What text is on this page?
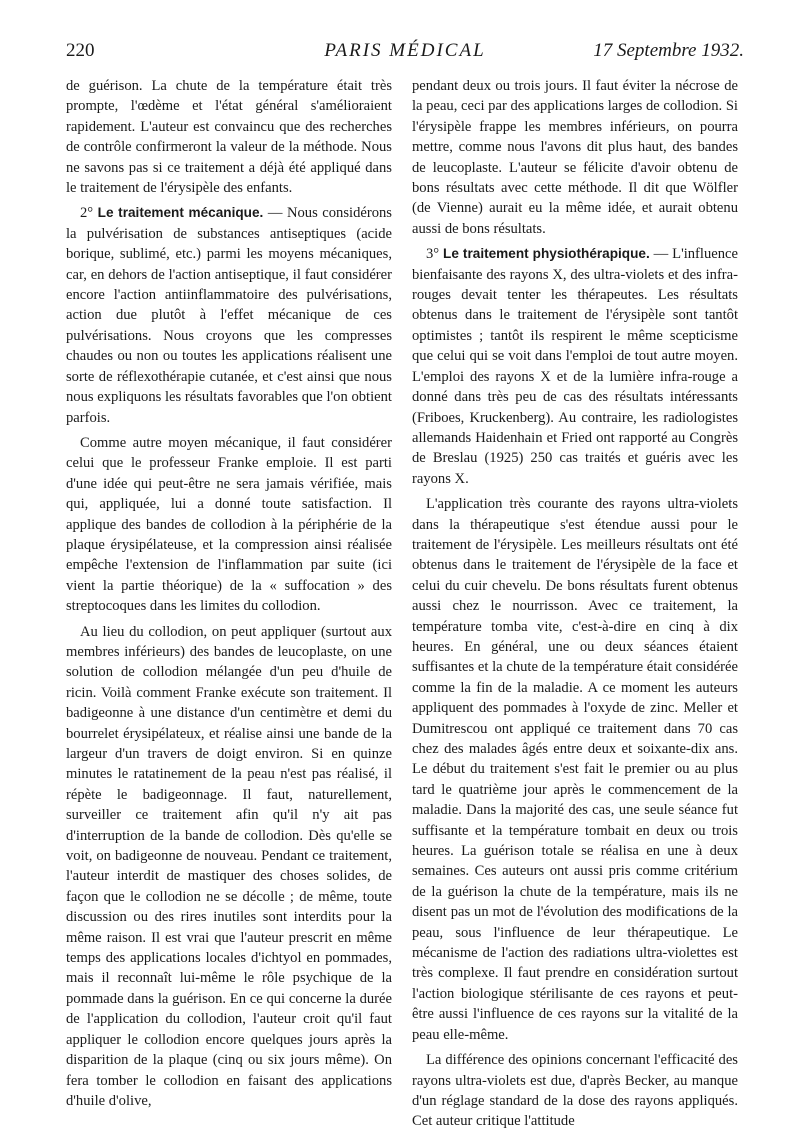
220	PARIS MÉDICAL	17 Septembre 1932.

de guérison. La chute de la température était très prompte, l'œdème et l'état général s'amélioraient rapidement. L'auteur est convaincu que des recherches de contrôle confirmeront la valeur de la méthode. Nous ne savons pas si ce traitement a déjà été appliqué dans le traitement de l'érysipèle des enfants.

2° Le traitement mécanique. — Nous considérons la pulvérisation de substances antiseptiques (acide borique, sublimé, etc.) parmi les moyens mécaniques, car, en dehors de l'action antiseptique, il faut considérer encore l'action antiinflammatoire des pulvérisations, action due plutôt à l'effet mécanique de ces pulvérisations. Nous croyons que les compresses chaudes ou non ou toutes les applications réalisent une sorte de réflexothérapie cutanée, et c'est ainsi que nous nous expliquons les résultats favorables que l'on obtient parfois.

Comme autre moyen mécanique, il faut considérer celui que le professeur Franke emploie. Il est parti d'une idée qui peut-être ne sera jamais vérifiée, mais qui, appliquée, lui a donné toute satisfaction. Il applique des bandes de collodion à la périphérie de la plaque érysipélateuse, et la compression ainsi réalisée empêche l'extension de l'inflammation par suite (ici vient la partie théorique) de la « suffocation » des streptocoques dans les limites du collodion.

Au lieu du collodion, on peut appliquer (surtout aux membres inférieurs) des bandes de leucoplaste, on une solution de collodion mélangée d'un peu d'huile de ricin. Voilà comment Franke exécute son traitement. Il badigeonne à une distance d'un centimètre et demi du bourrelet érysipélateux, et réalise ainsi une bande de la largeur d'un travers de doigt environ. Si en quinze minutes le ratatinement de la peau n'est pas réalisé, il répète le badigeonnage. Il faut, naturellement, surveiller ce traitement afin qu'il n'y ait pas d'interruption de la bande de collodion. Dès qu'elle se voit, on badigeonne de nouveau. Pendant ce traitement, l'auteur interdit de mastiquer des choses solides, de façon que le collodion ne se décolle ; de même, toute discussion ou des rires inutiles sont interdits pour la même raison. Il est vrai que l'auteur prescrit en même temps des applications locales d'ichtyol en pommades, mais il reconnaît lui-même le rôle psychique de la pommade dans la guérison. En ce qui concerne la durée de l'application du collodion, l'auteur croit qu'il faut appliquer le collodion encore quelques jours après la disparition de la plaque (cinq ou six jours même). On fera tomber le collodion en faisant des applications d'huile d'olive,

pendant deux ou trois jours. Il faut éviter la nécrose de la peau, ceci par des applications larges de collodion. Si l'érysipèle frappe les membres inférieurs, on pourra mettre, comme nous l'avons dit plus haut, des bandes de leucoplaste. L'auteur se félicite d'avoir obtenu de bons résultats avec cette méthode. Il dit que Wölfler (de Vienne) aurait eu la même idée, et aurait obtenu aussi de bons résultats.

3° Le traitement physiothérapique. — L'influence bienfaisante des rayons X, des ultra-violets et des infra-rouges devait tenter les thérapeutes. Les résultats obtenus dans le traitement de l'érysipèle sont tantôt optimistes ; tantôt ils respirent le même scepticisme que celui qui se voit dans l'emploi de tout autre moyen. L'emploi des rayons X et de la lumière infra-rouge a donné dans très peu de cas des résultats intéressants (Friboes, Kruckenberg). Au contraire, les radiologistes allemands Haidenhain et Fried ont rapporté au Congrès de Breslau (1925) 250 cas traités et guéris avec les rayons X.

L'application très courante des rayons ultra-violets dans la thérapeutique s'est étendue aussi pour le traitement de l'érysipèle. Les meilleurs résultats ont été obtenus dans le traitement de l'érysipèle de la face et celui du cuir chevelu. De bons résultats furent obtenus aussi chez le nourrisson. Avec ce traitement, la température tomba vite, c'est-à-dire en cinq à dix heures. En général, une ou deux séances étaient suffisantes et la chute de la température était considérée comme la fin de la maladie. A ce moment les auteurs appliquent des pommades à l'oxyde de zinc. Meller et Dumitrescou ont appliqué ce traitement dans 70 cas chez des malades âgés entre deux et soixante-dix ans. Le début du traitement s'est fait le premier ou au plus tard le quatrième jour après le commencement de la maladie. Dans la majorité des cas, une seule séance fut suffisante et la température tombait en deux ou trois heures. La guérison totale se réalisa en une à deux semaines. Ces auteurs ont aussi pris comme critérium de la guérison la chute de la température, mais ils ne disent pas un mot de l'évolution des modifications de la peau, sous l'influence de leur thérapeutique. Le mécanisme de l'action des radiations ultra-violettes est très complexe. Il faut prendre en considération surtout l'action biologique stérilisante de ces rayons et peut-être aussi l'influence de ces rayons sur la vitalité de la peau elle-même.

La différence des opinions concernant l'efficacité des rayons ultra-violets est due, d'après Becker, au manque d'un réglage standard de la dose des rayons appliqués. Cet auteur critique l'attitude
